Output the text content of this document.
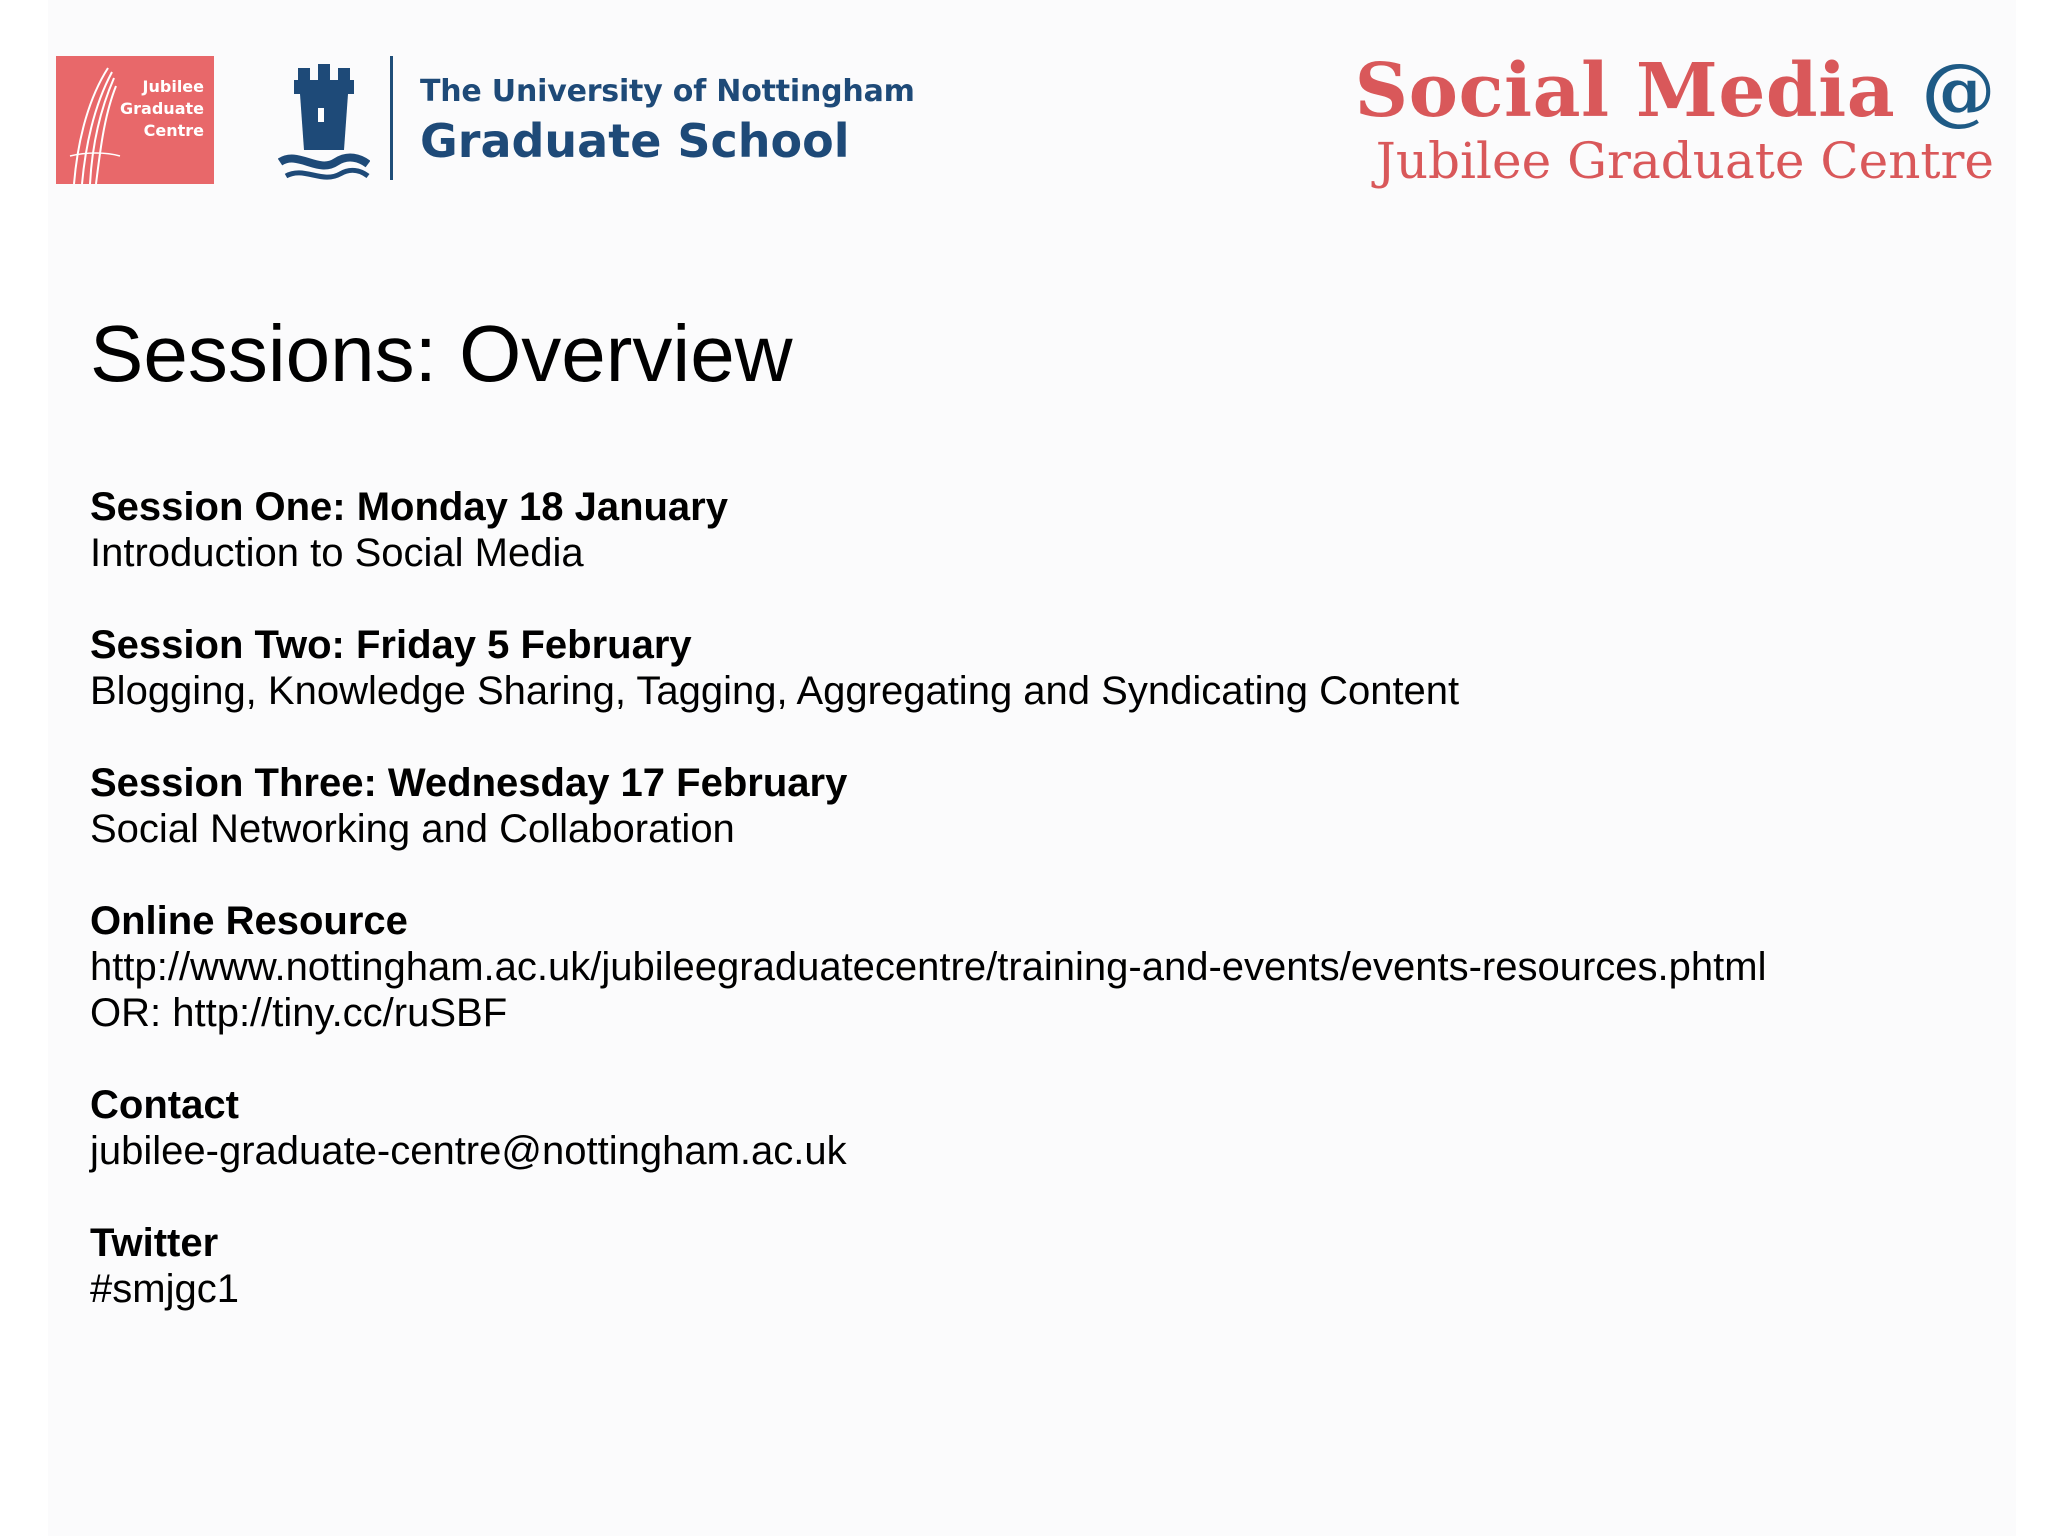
Jubilee
Graduate
Centre
The University of Nottingham
Graduate School
Social Media @
Jubilee Graduate Centre
Sessions: Overview
Session One: Monday 18 January
Introduction to Social Media
Session Two: Friday 5 February
Blogging, Knowledge Sharing, Tagging, Aggregating and Syndicating Content
Session Three: Wednesday 17 February
Social Networking and Collaboration
Online Resource
http://www.nottingham.ac.uk/jubileegraduatecentre/training-and-events/events-resources.phtml
OR: http://tiny.cc/ruSBF
Contact
jubilee-graduate-centre@nottingham.ac.uk
Twitter
#smjgc1
